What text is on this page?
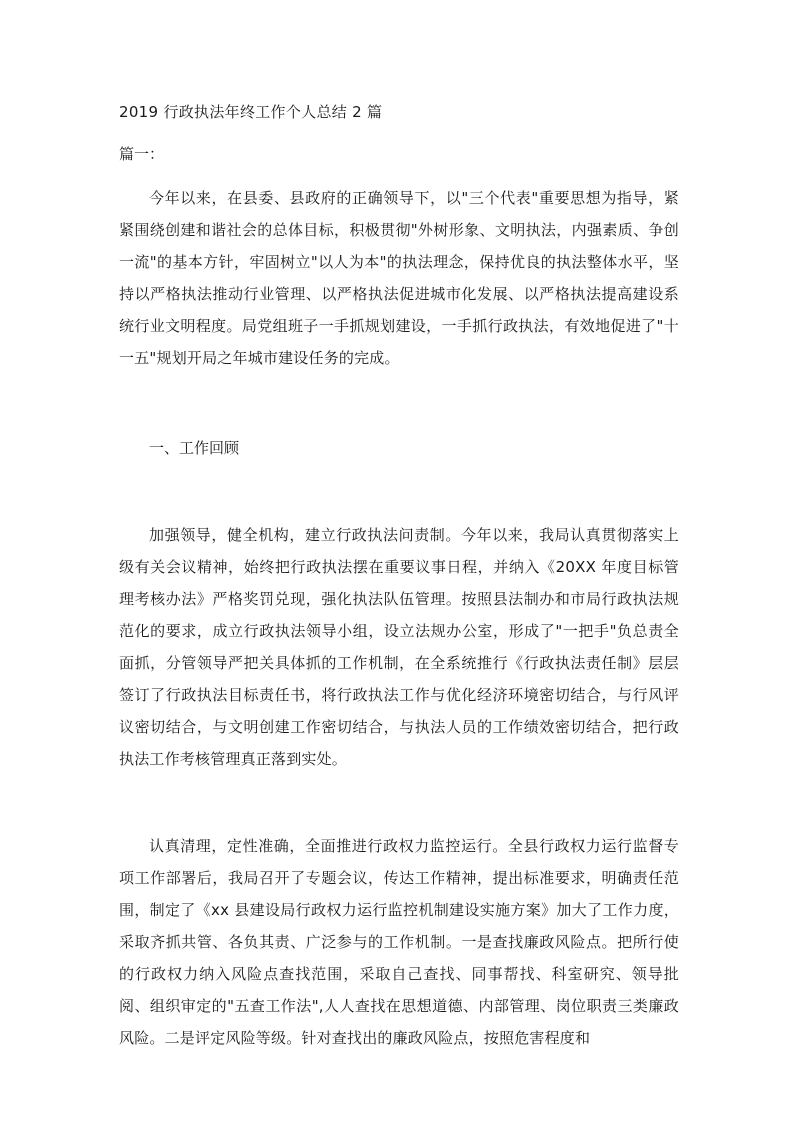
2019 行政执法年终工作个人总结 2 篇

篇一：

今年以来，在县委、县政府的正确领导下，以"三个代表"重要思想为指导，紧紧围绕创建和谐社会的总体目标，积极贯彻"外树形象、文明执法，内强素质、争创一流"的基本方针，牢固树立"以人为本"的执法理念，保持优良的执法整体水平，坚持以严格执法推动行业管理、以严格执法促进城市化发展、以严格执法提高建设系统行业文明程度。局党组班子一手抓规划建设，一手抓行政执法，有效地促进了"十一五"规划开局之年城市建设任务的完成。

一、工作回顾

加强领导，健全机构，建立行政执法问责制。今年以来，我局认真贯彻落实上级有关会议精神，始终把行政执法摆在重要议事日程，并纳入《20XX 年度目标管理考核办法》严格奖罚兑现，强化执法队伍管理。按照县法制办和市局行政执法规范化的要求，成立行政执法领导小组，设立法规办公室，形成了"一把手"负总责全面抓，分管领导严把关具体抓的工作机制，在全系统推行《行政执法责任制》层层签订了行政执法目标责任书，将行政执法工作与优化经济环境密切结合，与行风评议密切结合，与文明创建工作密切结合，与执法人员的工作绩效密切结合，把行政执法工作考核管理真正落到实处。

认真清理，定性准确，全面推进行政权力监控运行。全县行政权力运行监督专项工作部署后，我局召开了专题会议，传达工作精神，提出标准要求，明确责任范围，制定了《xx 县建设局行政权力运行监控机制建设实施方案》加大了工作力度，采取齐抓共管、各负其责、广泛参与的工作机制。一是查找廉政风险点。把所行使的行政权力纳入风险点查找范围，采取自己查找、同事帮找、科室研究、领导批阅、组织审定的"五查工作法",人人查找在思想道德、内部管理、岗位职责三类廉政风险。二是评定风险等级。针对查找出的廉政风险点，按照危害程度和
